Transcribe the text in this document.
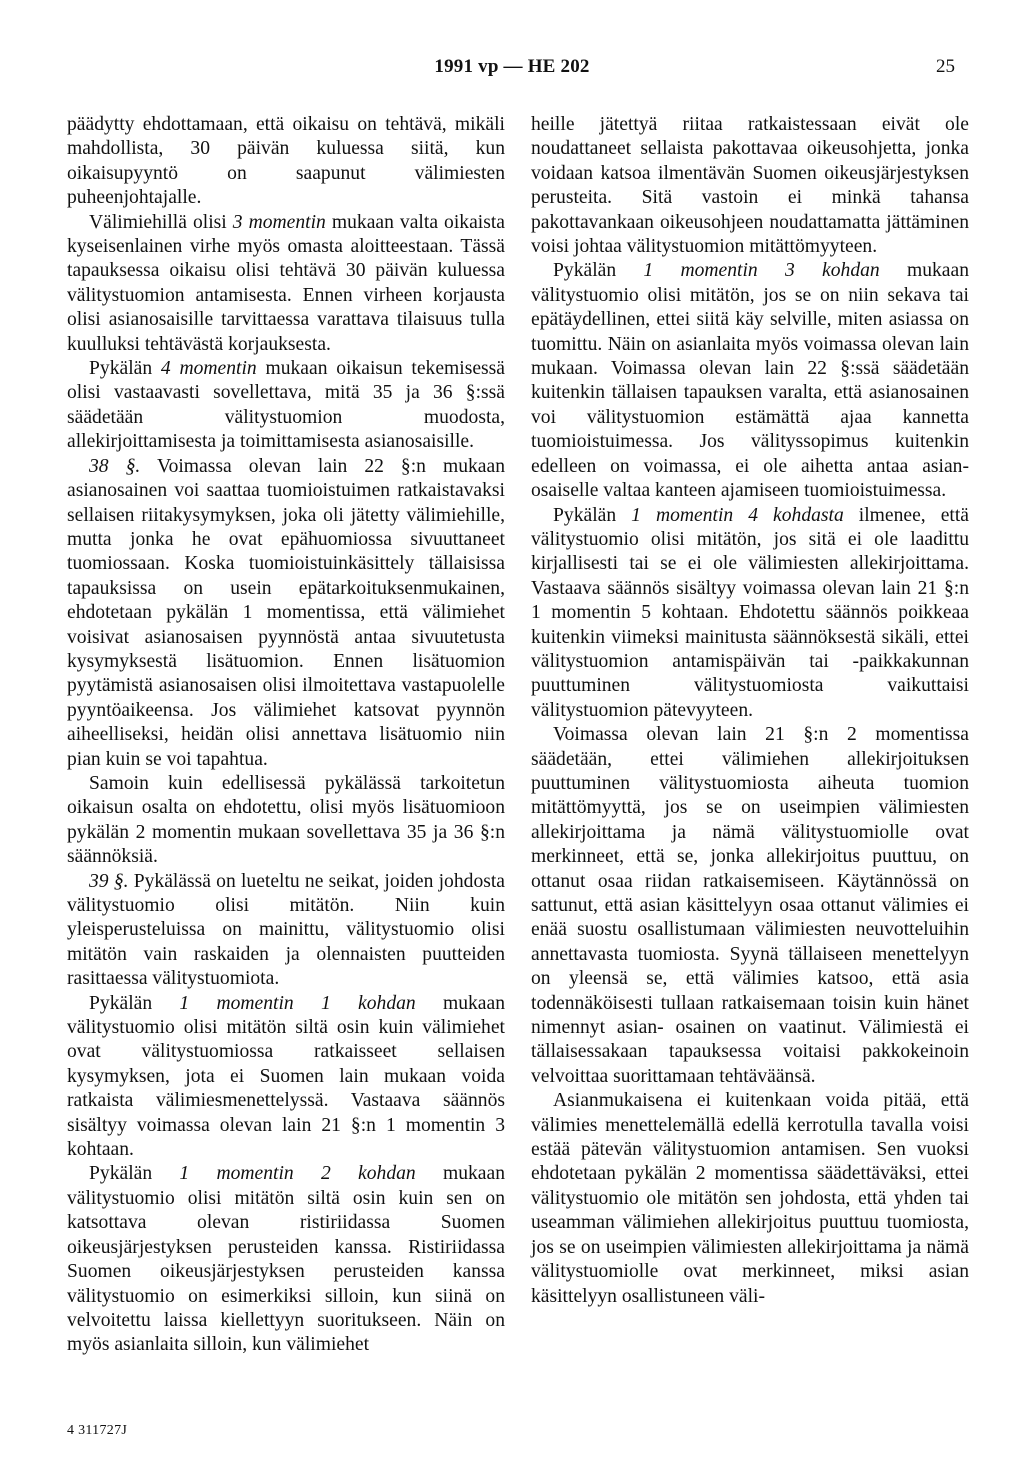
1991 vp — HE 202	25

päädytty ehdottamaan, että oikaisu on tehtävä, mikäli mahdollista, 30 päivän kuluessa siitä, kun oikaisupyyntö on saapunut välimiesten puheenjohtajalle.

Välimiehillä olisi 3 momentin mukaan valta oikaista kyseisenlainen virhe myös omasta aloitteestaan. Tässä tapauksessa oikaisu olisi tehtävä 30 päivän kuluessa välitystuomion antamisesta. Ennen virheen korjausta olisi asianosaisille tarvittaessa varattava tilaisuus tulla kuulluksi tehtävästä korjauksesta.

Pykälän 4 momentin mukaan oikaisun tekemisessä olisi vastaavasti sovellettava, mitä 35 ja 36 §:ssä säädetään välitystuomion muodosta, allekirjoittamisesta ja toimittamisesta asianosaisille.

38 §. Voimassa olevan lain 22 §:n mukaan asianosainen voi saattaa tuomioistuimen ratkaistavaksi sellaisen riitakysymyksen, joka oli jätetty välimiehille, mutta jonka he ovat epähuomiossa sivuuttaneet tuomiossaan. Koska tuomioistuinkäsittely tällaisissa tapauksissa on usein epätarkoituksenmukainen, ehdotetaan pykälän 1 momentissa, että välimiehet voisivat asianosaisen pyynnöstä antaa sivuutetusta kysymyksestä lisätuomion. Ennen lisätuomion pyytämistä asianosaisen olisi ilmoitettava vastapuolelle pyyntöaikeensa. Jos välimiehet katsovat pyynnön aiheelliseksi, heidän olisi annettava lisätuomio niin pian kuin se voi tapahtua.

Samoin kuin edellisessä pykälässä tarkoitetun oikaisun osalta on ehdotettu, olisi myös lisätuomioon pykälän 2 momentin mukaan sovellettava 35 ja 36 §:n säännöksiä.

39 §. Pykälässä on lueteltu ne seikat, joiden johdosta välitystuomio olisi mitätön. Niin kuin yleisperusteluissa on mainittu, välitystuomio olisi mitätön vain raskaiden ja olennaisten puutteiden rasittaessa välitystuomiota.

Pykälän 1 momentin 1 kohdan mukaan välitystuomio olisi mitätön siltä osin kuin välimiehet ovat välitystuomiossa ratkaisseet sellaisen kysymyksen, jota ei Suomen lain mukaan voida ratkaista välimiesmenettelyssä. Vastaava säännös sisältyy voimassa olevan lain 21 §:n 1 momentin 3 kohtaan.

Pykälän 1 momentin 2 kohdan mukaan välitystuomio olisi mitätön siltä osin kuin sen on katsottava olevan ristiriidassa Suomen oikeusjärjestyksen perusteiden kanssa. Ristiriidassa Suomen oikeusjärjestyksen perusteiden kanssa välitystuomio on esimerkiksi silloin, kun siinä on velvoitettu laissa kiellettyyn suoritukseen. Näin on myös asianlaita silloin, kun välimiehet

heille jätettyä riitaa ratkaistessaan eivät ole noudattaneet sellaista pakottavaa oikeusohjetta, jonka voidaan katsoa ilmentävän Suomen oikeusjärjestyksen perusteita. Sitä vastoin ei minkä tahansa pakottavankaan oikeusohjeen noudattamatta jättäminen voisi johtaa välitystuomion mitättömyyteen.

Pykälän 1 momentin 3 kohdan mukaan välitystuomio olisi mitätön, jos se on niin sekava tai epätäydellinen, ettei siitä käy selville, miten asiassa on tuomittu. Näin on asianlaita myös voimassa olevan lain mukaan. Voimassa olevan lain 22 §:ssä säädetään kuitenkin tällaisen tapauksen varalta, että asianosainen voi välitystuomion estämättä ajaa kannetta tuomioistuimessa. Jos välityssopimus kuitenkin edelleen on voimassa, ei ole aihetta antaa asian- osaiselle valtaa kanteen ajamiseen tuomioistuimessa.

Pykälän 1 momentin 4 kohdasta ilmenee, että välitystuomio olisi mitätön, jos sitä ei ole laadittu kirjallisesti tai se ei ole välimiesten allekirjoittama. Vastaava säännös sisältyy voimassa olevan lain 21 §:n 1 momentin 5 kohtaan. Ehdotettu säännös poikkeaa kuitenkin viimeksi mainitusta säännöksestä sikäli, ettei välitystuomion antamispäivän tai -paikkakunnan puuttuminen välitystuomiosta vaikuttaisi välitystuomion pätevyyteen.

Voimassa olevan lain 21 §:n 2 momentissa säädetään, ettei välimiehen allekirjoituksen puuttuminen välitystuomiosta aiheuta tuomion mitättömyyttä, jos se on useimpien välimiesten allekirjoittama ja nämä välitystuomiolle ovat merkinneet, että se, jonka allekirjoitus puuttuu, on ottanut osaa riidan ratkaisemiseen. Käytännössä on sattunut, että asian käsittelyyn osaa ottanut välimies ei enää suostu osallistumaan välimiesten neuvotteluihin annettavasta tuomiosta. Syynä tällaiseen menettelyyn on yleensä se, että välimies katsoo, että asia todennäköisesti tullaan ratkaisemaan toisin kuin hänet nimennyt asian- osainen on vaatinut. Välimiestä ei tällaisessakaan tapauksessa voitaisi pakkokeinoin velvoittaa suorittamaan tehtäväänsä.

Asianmukaisena ei kuitenkaan voida pitää, että välimies menettelemällä edellä kerrotulla tavalla voisi estää pätevän välitystuomion antamisen. Sen vuoksi ehdotetaan pykälän 2 momentissa säädettäväksi, ettei välitystuomio ole mitätön sen johdosta, että yhden tai useamman välimiehen allekirjoitus puuttuu tuomiosta, jos se on useimpien välimiesten allekirjoittama ja nämä välitystuomiolle ovat merkinneet, miksi asian käsittelyyn osallistuneen väli-

4 311727J
